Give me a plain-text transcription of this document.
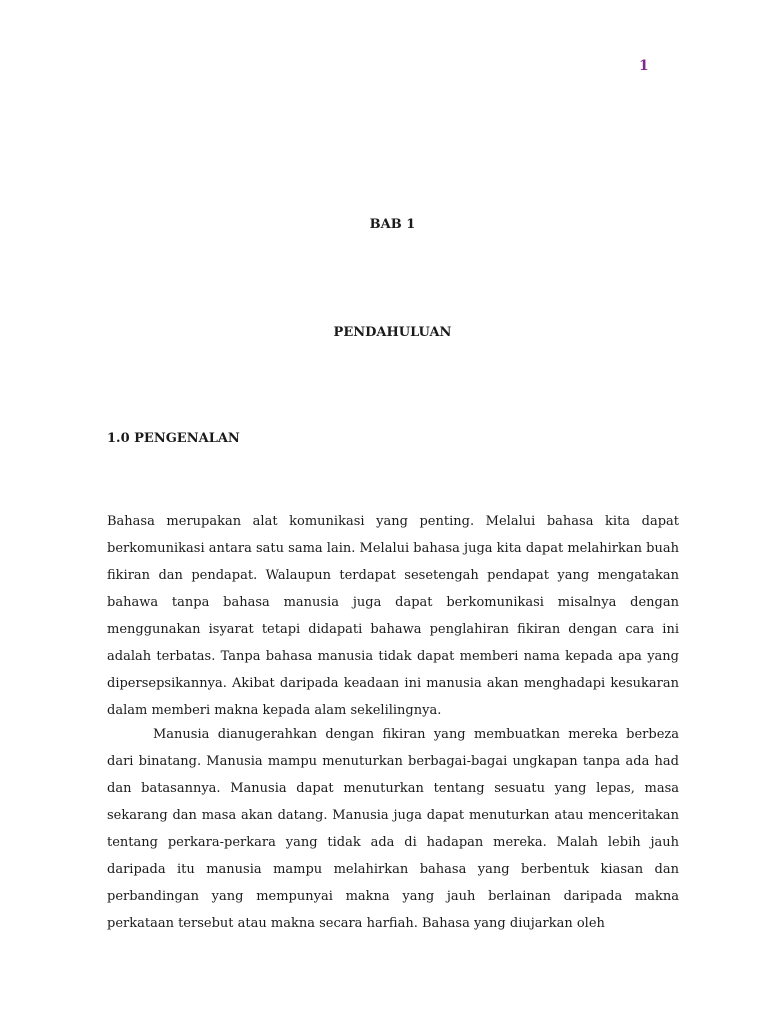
1
BAB 1
PENDAHULUAN
1.0 PENGENALAN

Bahasa merupakan alat komunikasi yang penting. Melalui bahasa kita dapat berkomunikasi antara satu sama lain. Melalui bahasa juga kita dapat melahirkan buah fikiran dan pendapat. Walaupun terdapat sesetengah pendapat yang mengatakan bahawa tanpa bahasa manusia juga dapat berkomunikasi misalnya dengan menggunakan isyarat tetapi didapati bahawa penglahiran fikiran dengan cara ini adalah terbatas. Tanpa bahasa manusia tidak dapat memberi nama kepada apa yang dipersepsikannya. Akibat daripada keadaan ini manusia akan menghadapi kesukaran dalam memberi makna kepada alam sekelilingnya.

Manusia dianugerahkan dengan fikiran yang membuatkan mereka berbeza dari binatang. Manusia mampu menuturkan berbagai-bagai ungkapan tanpa ada had dan batasannya. Manusia dapat menuturkan tentang sesuatu yang lepas, masa sekarang dan masa akan datang. Manusia juga dapat menuturkan atau menceritakan tentang perkara-perkara yang tidak ada di hadapan mereka. Malah lebih jauh daripada itu manusia mampu melahirkan bahasa yang berbentuk kiasan dan perbandingan yang mempunyai makna yang jauh berlainan daripada makna perkataan tersebut atau makna secara harfiah. Bahasa yang diujarkan oleh
